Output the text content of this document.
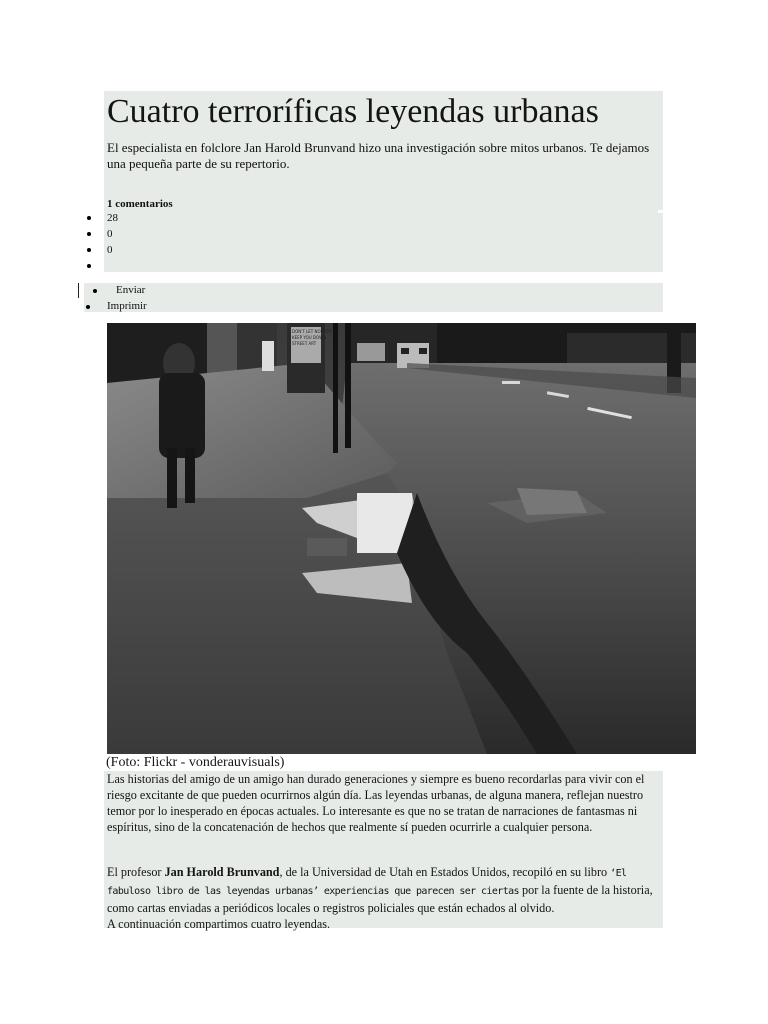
Cuatro terroríficas leyendas urbanas

El especialista en folclore Jan Harold Brunvand hizo una investigación sobre mitos urbanos. Te dejamos una pequeña parte de su repertorio.

1 comentarios

28
0
0
Enviar
Imprimir
DON'T LET NOBODY
KEEP YOU DOWN
STREET ART

(Foto: Flickr - vonderauvisuals)

Las historias del amigo de un amigo han durado generaciones y siempre es bueno recordarlas para vivir con el riesgo excitante de que pueden ocurrirnos algún día. Las leyendas urbanas, de alguna manera, reflejan nuestro temor por lo inesperado en épocas actuales. Lo interesante es que no se tratan de narraciones de fantasmas ni espíritus, sino de la concatenación de hechos que realmente sí pueden ocurrirle a cualquier persona.

El profesor Jan Harold Brunvand, de la Universidad de Utah en Estados Unidos, recopiló en su libro ‘El fabuloso libro de las leyendas urbanas’ experiencias que parecen ser ciertas por la fuente de la historia, como cartas enviadas a periódicos locales o registros policiales que están echados al olvido.
A continuación compartimos cuatro leyendas.
